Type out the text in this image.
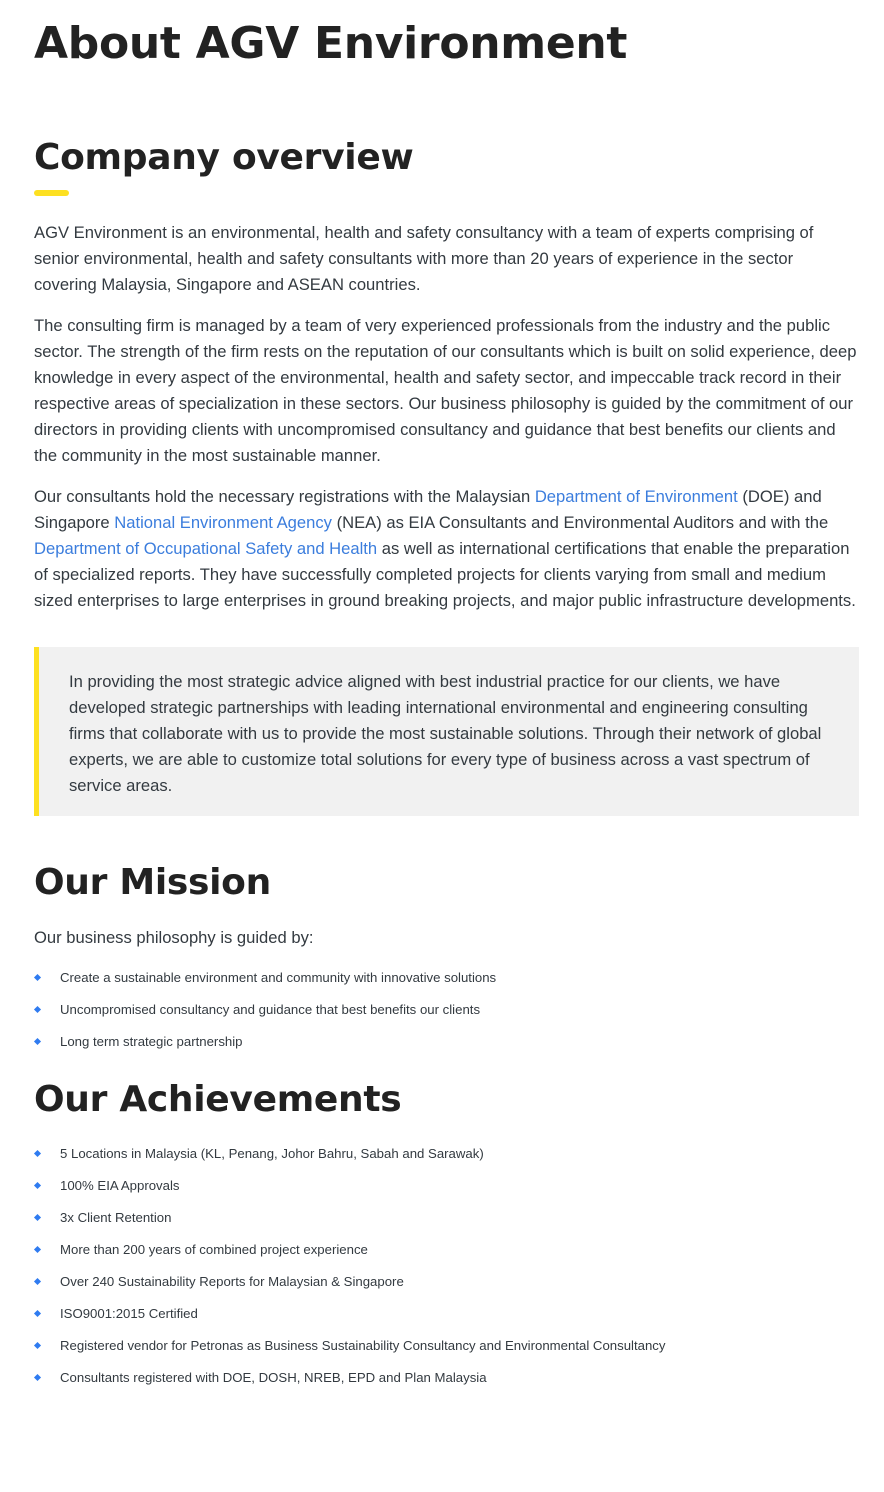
About AGV Environment
Company overview

AGV Environment is an environmental, health and safety consultancy with a team of experts comprising of senior environmental, health and safety consultants with more than 20 years of experience in the sector covering Malaysia, Singapore and ASEAN countries.

The consulting firm is managed by a team of very experienced professionals from the industry and the public sector. The strength of the firm rests on the reputation of our consultants which is built on solid experience, deep knowledge in every aspect of the environmental, health and safety sector, and impeccable track record in their respective areas of specialization in these sectors. Our business philosophy is guided by the commitment of our directors in providing clients with uncompromised consultancy and guidance that best benefits our clients and the community in the most sustainable manner.

Our consultants hold the necessary registrations with the Malaysian Department of Environment (DOE) and Singapore National Environment Agency (NEA) as EIA Consultants and Environmental Auditors and with the Department of Occupational Safety and Health as well as international certifications that enable the preparation of specialized reports. They have successfully completed projects for clients varying from small and medium sized enterprises to large enterprises in ground breaking projects, and major public infrastructure developments.

In providing the most strategic advice aligned with best industrial practice for our clients, we have developed strategic partnerships with leading international environmental and engineering consulting firms that collaborate with us to provide the most sustainable solutions. Through their network of global experts, we are able to customize total solutions for every type of business across a vast spectrum of service areas.

Our Mission

Our business philosophy is guided by:

Create a sustainable environment and community with innovative solutions
Uncompromised consultancy and guidance that best benefits our clients
Long term strategic partnership
Our Achievements
5 Locations in Malaysia (KL, Penang, Johor Bahru, Sabah and Sarawak)
100% EIA Approvals
3x Client Retention
More than 200 years of combined project experience
Over 240 Sustainability Reports for Malaysian & Singapore
ISO9001:2015 Certified
Registered vendor for Petronas as Business Sustainability Consultancy and Environmental Consultancy
Consultants registered with DOE, DOSH, NREB, EPD and Plan Malaysia
